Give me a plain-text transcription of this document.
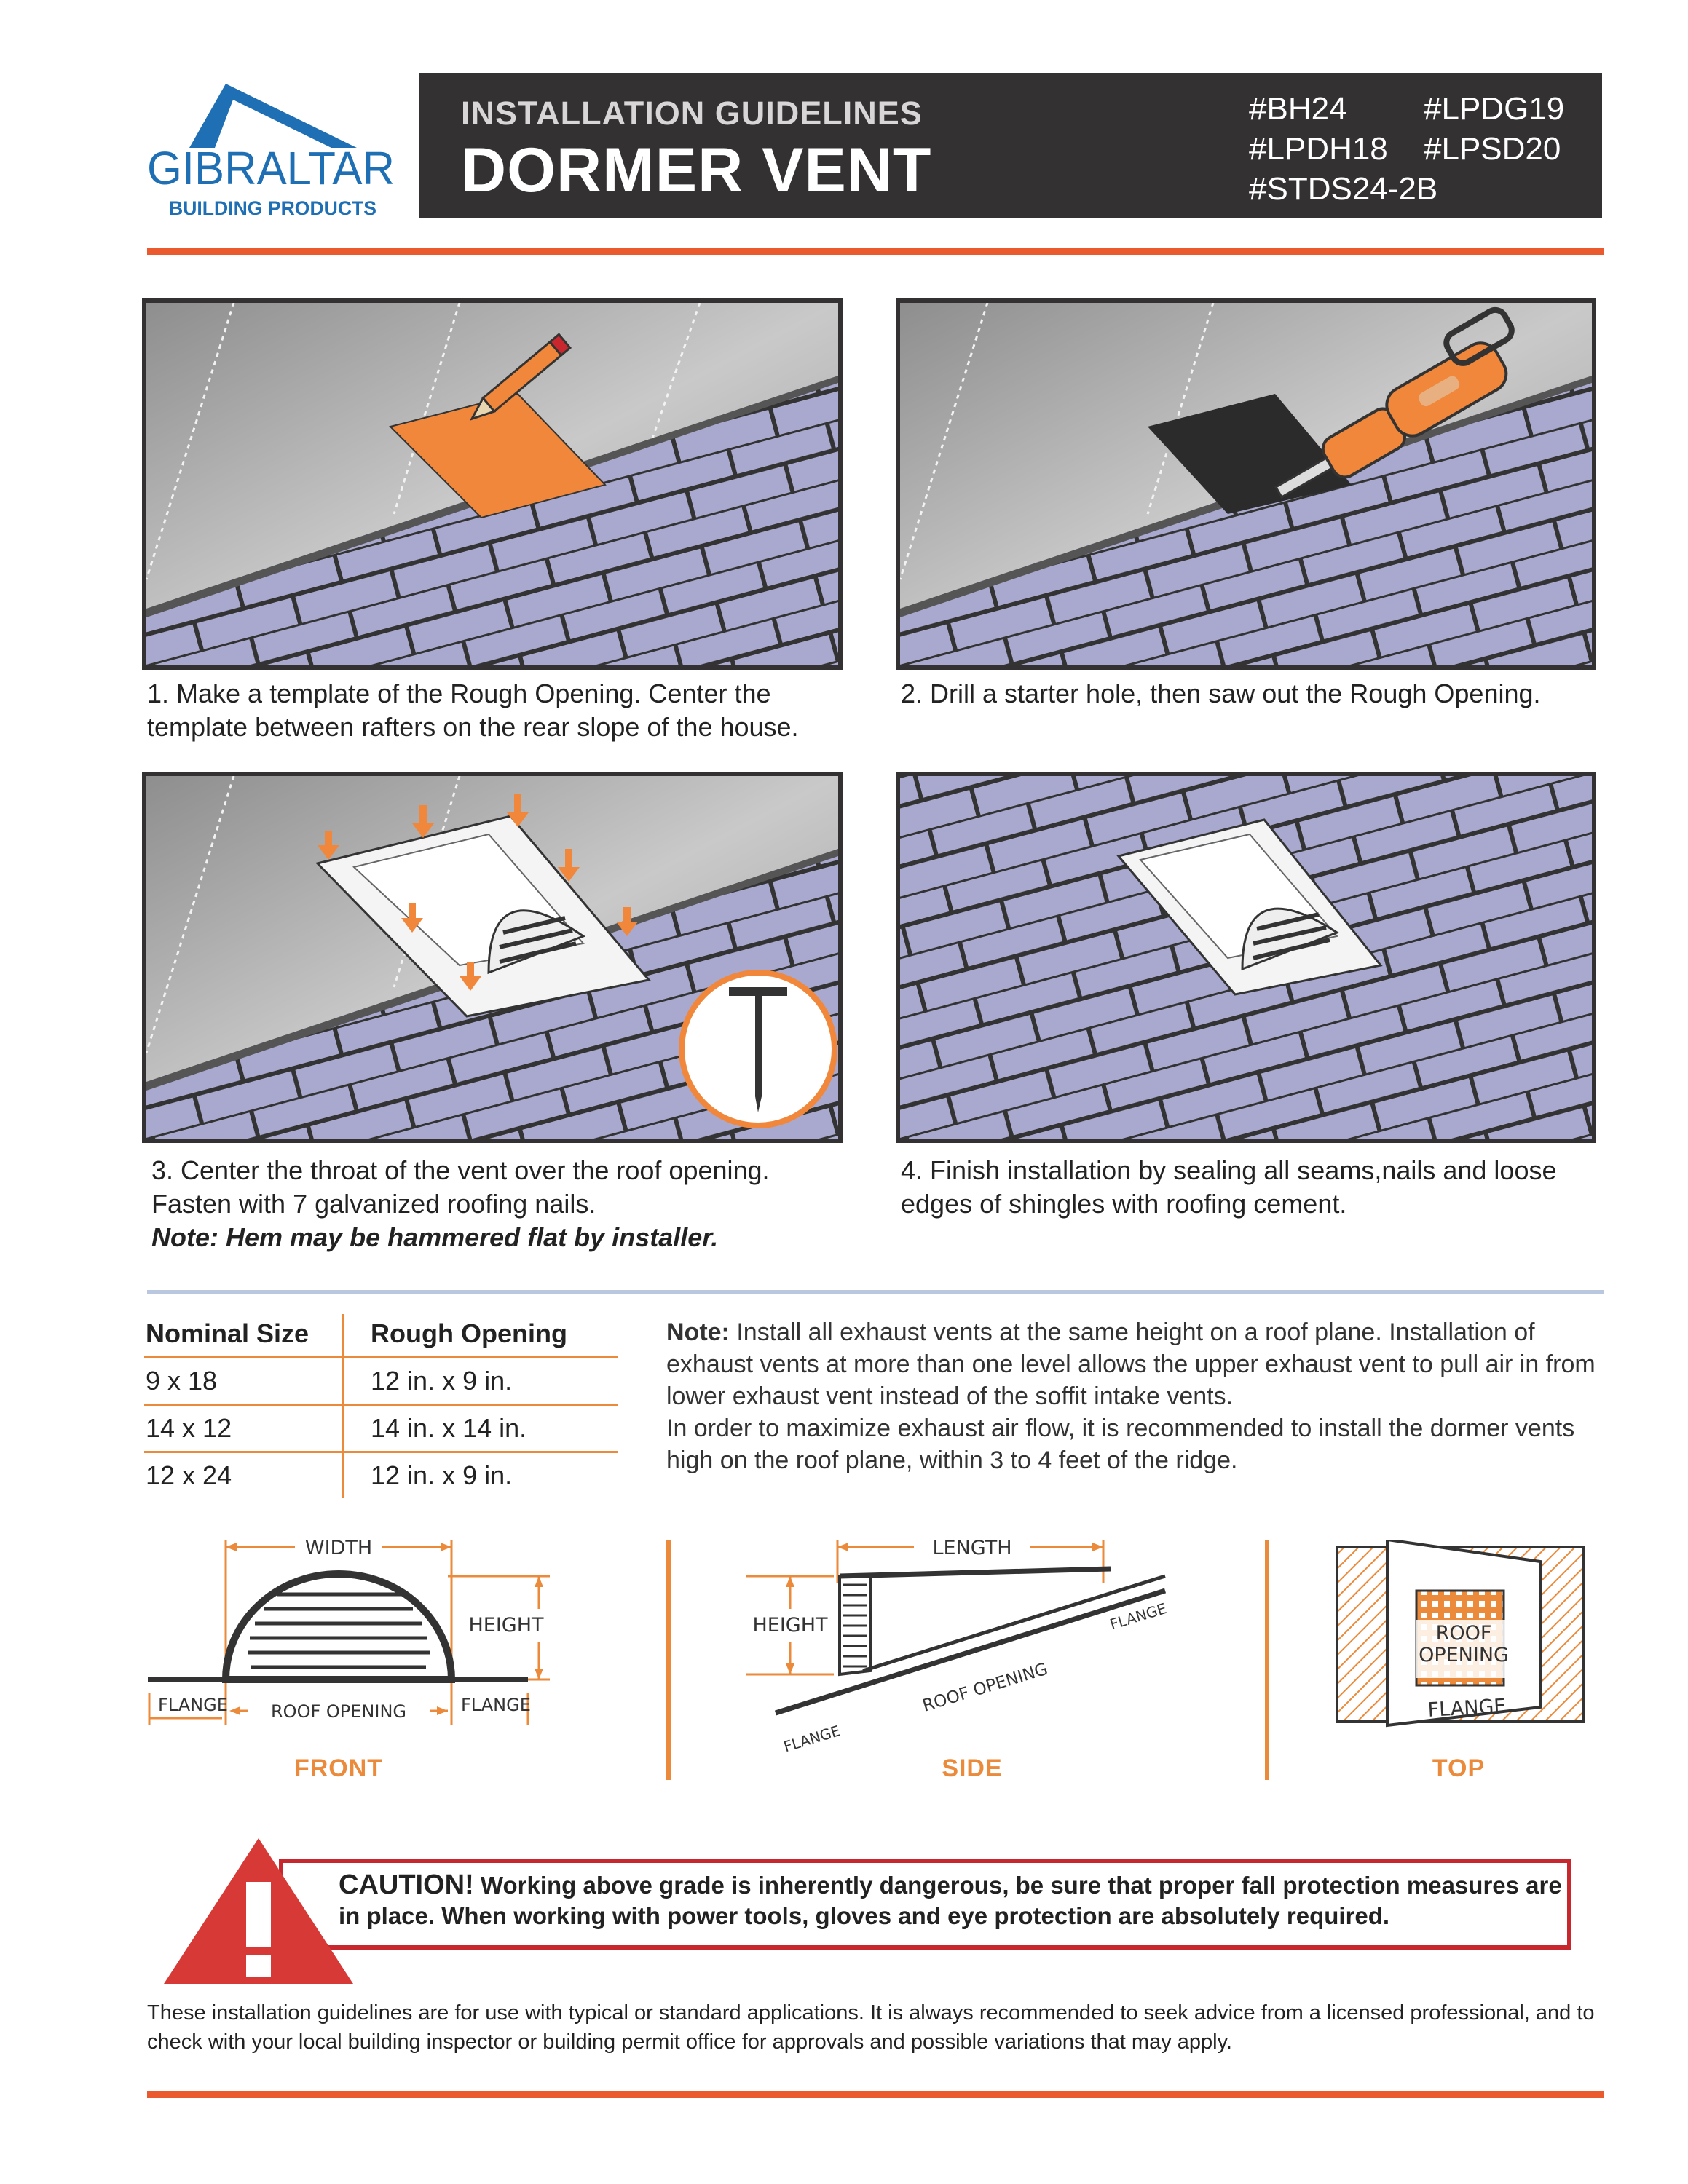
GIBRALTAR
BUILDING PRODUCTS
INSTALLATION GUIDELINES
DORMER VENT
#BH24 #LPDG19
#LPDH18 #LPSD20
#STDS24-2B
1. Make a template of the Rough Opening. Center the template between rafters on the rear slope of the house.
2. Drill a starter hole, then saw out the Rough Opening.
3. Center the throat of the vent over the roof opening. Fasten with 7 galvanized roofing nails.
Note: Hem may be hammered flat by installer.
4. Finish installation by sealing all seams,nails and loose edges of shingles with roofing cement.
Nominal Size	Rough Opening
9 x 18	12 in. x 9 in.
14 x 12	14 in. x 14 in.
12 x 24	12 in. x 9 in.
Note: Install all exhaust vents at the same height on a roof plane. Installation of exhaust vents at more than one level allows the upper exhaust vent to pull air in from lower exhaust vent instead of the soffit intake vents.
In order to maximize exhaust air flow, it is recommended to install the dormer vents high on the roof plane, within 3 to 4 feet of the ridge.
WIDTH
HEIGHT
FLANGE ROOF OPENING	FLANGE
FRONT
LENGTH
HEIGHT
ROOF OPENING
FLANGE
FLANGE
SIDE
ROOF
OPENING
FLANGE
TOP
CAUTION! Working above grade is inherently dangerous, be sure that proper fall protection measures are in place. When working with power tools, gloves and eye protection are absolutely required.
These installation guidelines are for use with typical or standard applications. It is always recommended to seek advice from a licensed professional, and to check with your local building inspector or building permit office for approvals and possible variations that may apply.
